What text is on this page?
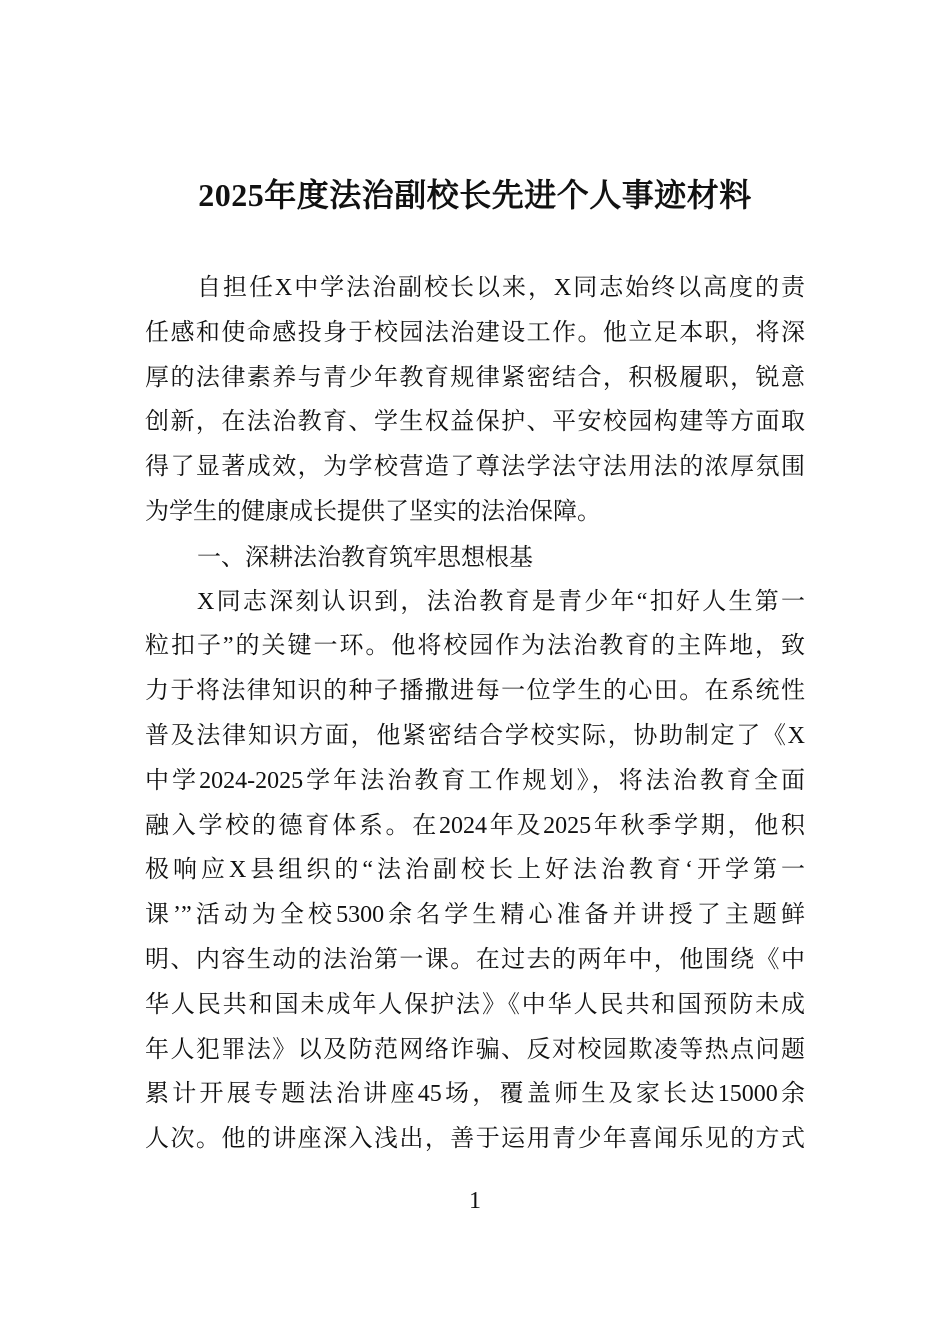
2025年度法治副校长先进个人事迹材料
自担任X中学法治副校长以来，X同志始终以高度的责
任感和使命感投身于校园法治建设工作。他立足本职，将深
厚的法律素养与青少年教育规律紧密结合，积极履职，锐意
创新，在法治教育、学生权益保护、平安校园构建等方面取
得了显著成效，为学校营造了尊法学法守法用法的浓厚氛围
为学生的健康成长提供了坚实的法治保障。
一、深耕法治教育筑牢思想根基
X同志深刻认识到，法治教育是青少年“扣好人生第一
粒扣子”的关键一环。他将校园作为法治教育的主阵地，致
力于将法律知识的种子播撒进每一位学生的心田。在系统性
普及法律知识方面，他紧密结合学校实际，协助制定了《X
中学2024-2025学年法治教育工作规划》，将法治教育全面
融入学校的德育体系。在2024年及2025年秋季学期，他积
极响应X县组织的“法治副校长上好法治教育‘开学第一
课’”活动为全校5300余名学生精心准备并讲授了主题鲜
明、内容生动的法治第一课。在过去的两年中，他围绕《中
华人民共和国未成年人保护法》《中华人民共和国预防未成
年人犯罪法》以及防范网络诈骗、反对校园欺凌等热点问题
累计开展专题法治讲座45场，覆盖师生及家长达15000余
人次。他的讲座深入浅出，善于运用青少年喜闻乐见的方式
1
